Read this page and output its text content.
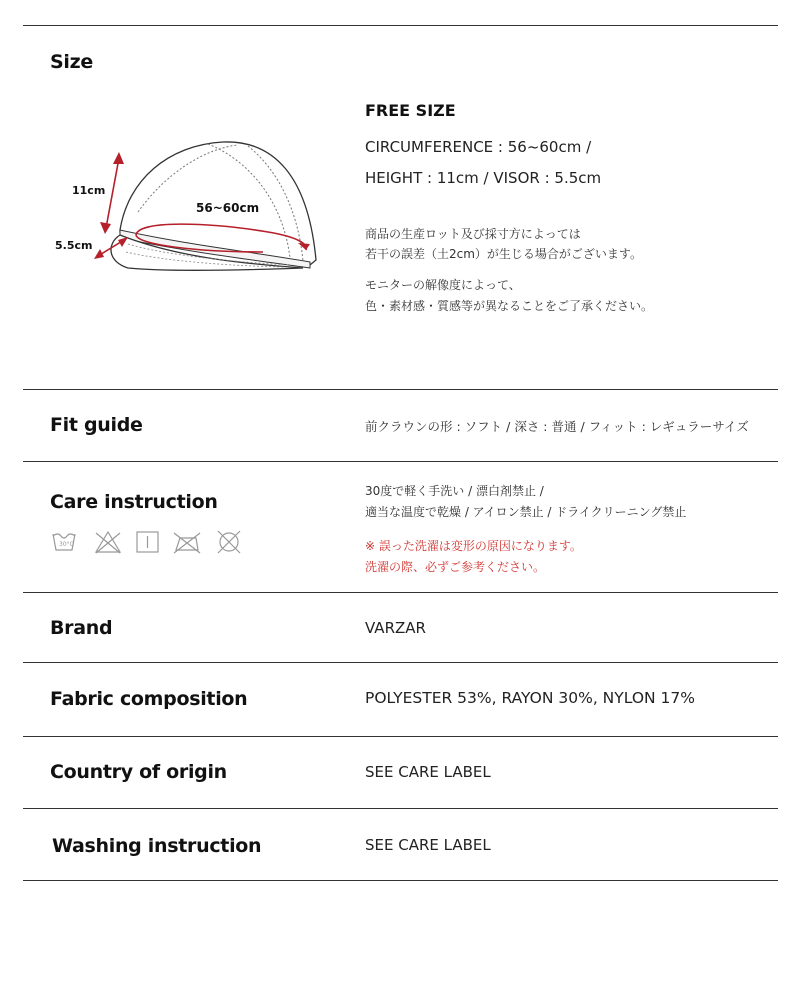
Size
11cm
5.5cm
56~60cm
FREE SIZE
CIRCUMFERENCE : 56~60cm /
HEIGHT : 11cm / VISOR : 5.5cm
商品の生産ロット及び採寸方によっては
若干の誤差（土2cm）が生じる場合がございます。
モニターの解像度によって、
色・素材感・質感等が異なることをご了承ください。
Fit guide	前クラウンの形 : ソフト / 深さ : 普通 / フィット : レギュラーサイズ
Care instruction
30°C
30度で軽く手洗い / 漂白剤禁止 /
適当な温度で乾燥 / アイロン禁止 / ドライクリーニング禁止
※ 誤った洗濯は変形の原因になります。
洗濯の際、必ずご参考ください。
Brand	VARZAR
Fabric composition	POLYESTER 53%, RAYON 30%, NYLON 17%
Country of origin	SEE CARE LABEL
Washing instruction	SEE CARE LABEL
